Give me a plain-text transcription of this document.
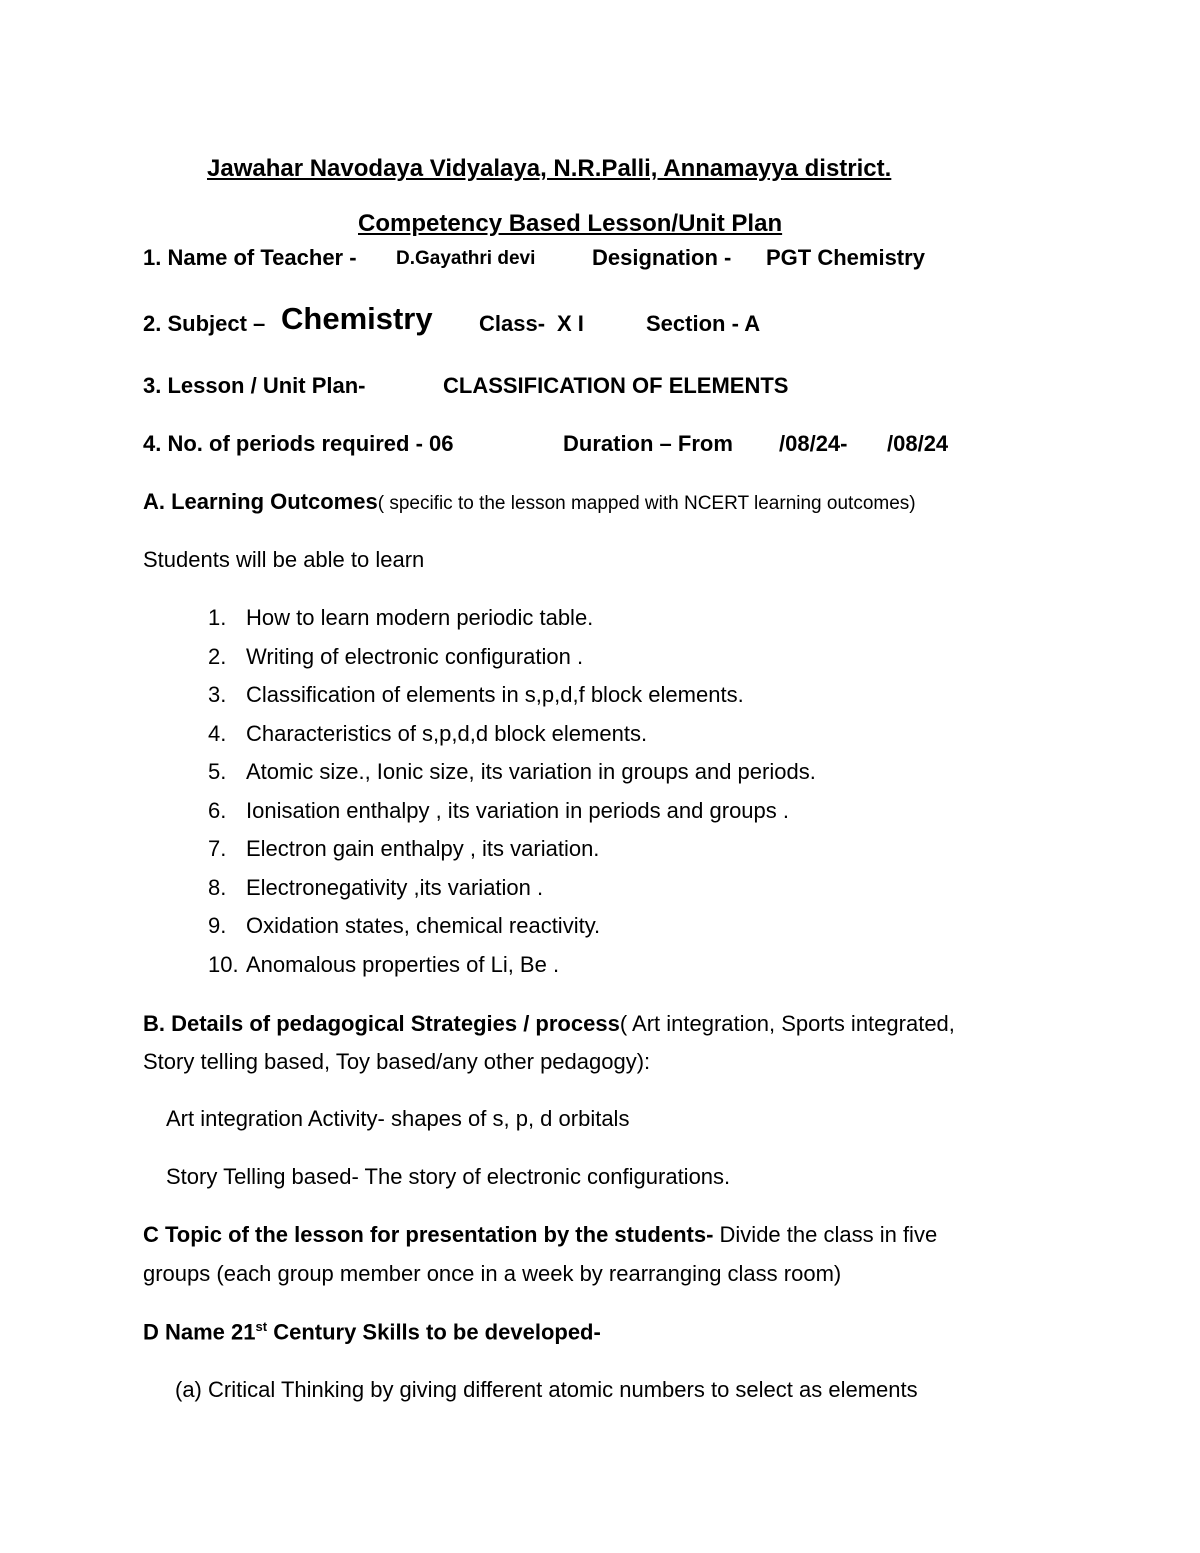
Jawahar Navodaya Vidyalaya, N.R.Palli, Annamayya district.
Competency Based Lesson/Unit Plan
1. Name of Teacher - D.Gayathri devi	Designation - PGT Chemistry
2. Subject – Chemistry Class- X I	Section - A
3. Lesson / Unit Plan-	CLASSIFICATION OF ELEMENTS
4. No. of periods required - 06	Duration – From /08/24- /08/24
A. Learning Outcomes( specific to the lesson mapped with NCERT learning outcomes)
Students will be able to learn
1. How to learn modern periodic table.
2. Writing of electronic configuration .
3. Classification of elements in s,p,d,f block elements.
4. Characteristics of s,p,d,d block elements.
5. Atomic size., Ionic size, its variation in groups and periods.
6. Ionisation enthalpy , its variation in periods and groups .
7. Electron gain enthalpy , its variation.
8. Electronegativity ,its variation .
9. Oxidation states, chemical reactivity.
10. Anomalous properties of Li, Be .
B. Details of pedagogical Strategies / process( Art integration, Sports integrated,
Story telling based, Toy based/any other pedagogy):
Art integration Activity- shapes of s, p, d orbitals
Story Telling based- The story of electronic configurations.
C Topic of the lesson for presentation by the students- Divide the class in five
groups (each group member once in a week by rearranging class room)
D Name 21st Century Skills to be developed-
(a) Critical Thinking by giving different atomic numbers to select as elements
